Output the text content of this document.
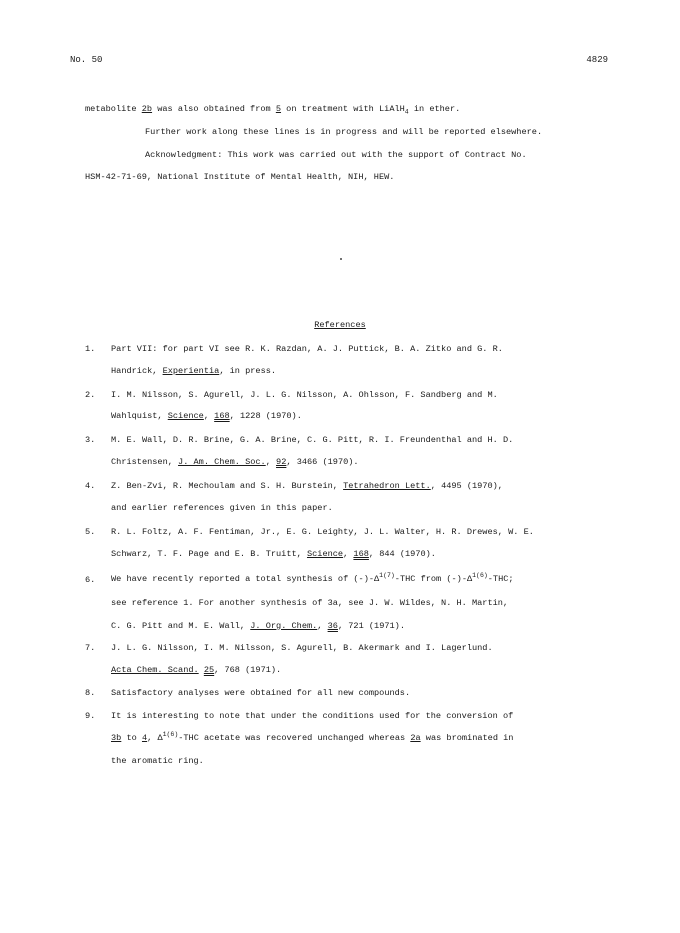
No. 50	4829
metabolite 2b was also obtained from 5 on treatment with LiAlH$_4$ in ether.
Further work along these lines is in progress and will be reported elsewhere.
Acknowledgment: This work was carried out with the support of Contract No.
HSM-42-71-69, National Institute of Mental Health, NIH, HEW.
References
1. Part VII: for part VI see R. K. Razdan, A. J. Puttick, B. A. Zitko and G. R.
Handrick, Experientia, in press.
2. I. M. Nilsson, S. Agurell, J. L. G. Nilsson, A. Ohlsson, F. Sandberg and M.
Wahlquist, Science, 168, 1228 (1970).
3. M. E. Wall, D. R. Brine, G. A. Brine, C. G. Pitt, R. I. Freundenthal and H. D.
Christensen, J. Am. Chem. Soc., 92, 3466 (1970).
4. Z. Ben-Zvi, R. Mechoulam and S. H. Burstein, Tetrahedron Lett., 4495 (1970),
and earlier references given in this paper.
5. R. L. Foltz, A. F. Fentiman, Jr., E. G. Leighty, J. L. Walter, H. R. Drewes, W. E.
Schwarz, T. F. Page and E. B. Truitt, Science, 168, 844 (1970).
6. We have recently reported a total synthesis of $(-)-\Delta^{1(7)}$-THC from $(-)-\Delta^{1(6)}$-THC;
see reference 1. For another synthesis of 3a, see J. W. Wildes, N. H. Martin,
C. G. Pitt and M. E. Wall, J. Org. Chem., 36, 721 (1971).
7. J. L. G. Nilsson, I. M. Nilsson, S. Agurell, B. Akermark and I. Lagerlund.
Acta Chem. Scand. 25, 768 (1971).
8. Satisfactory analyses were obtained for all new compounds.
9. It is interesting to note that under the conditions used for the conversion of
3b to 4, $\Delta^{1(6)}$-THC acetate was recovered unchanged whereas 2a was brominated in
the aromatic ring.
